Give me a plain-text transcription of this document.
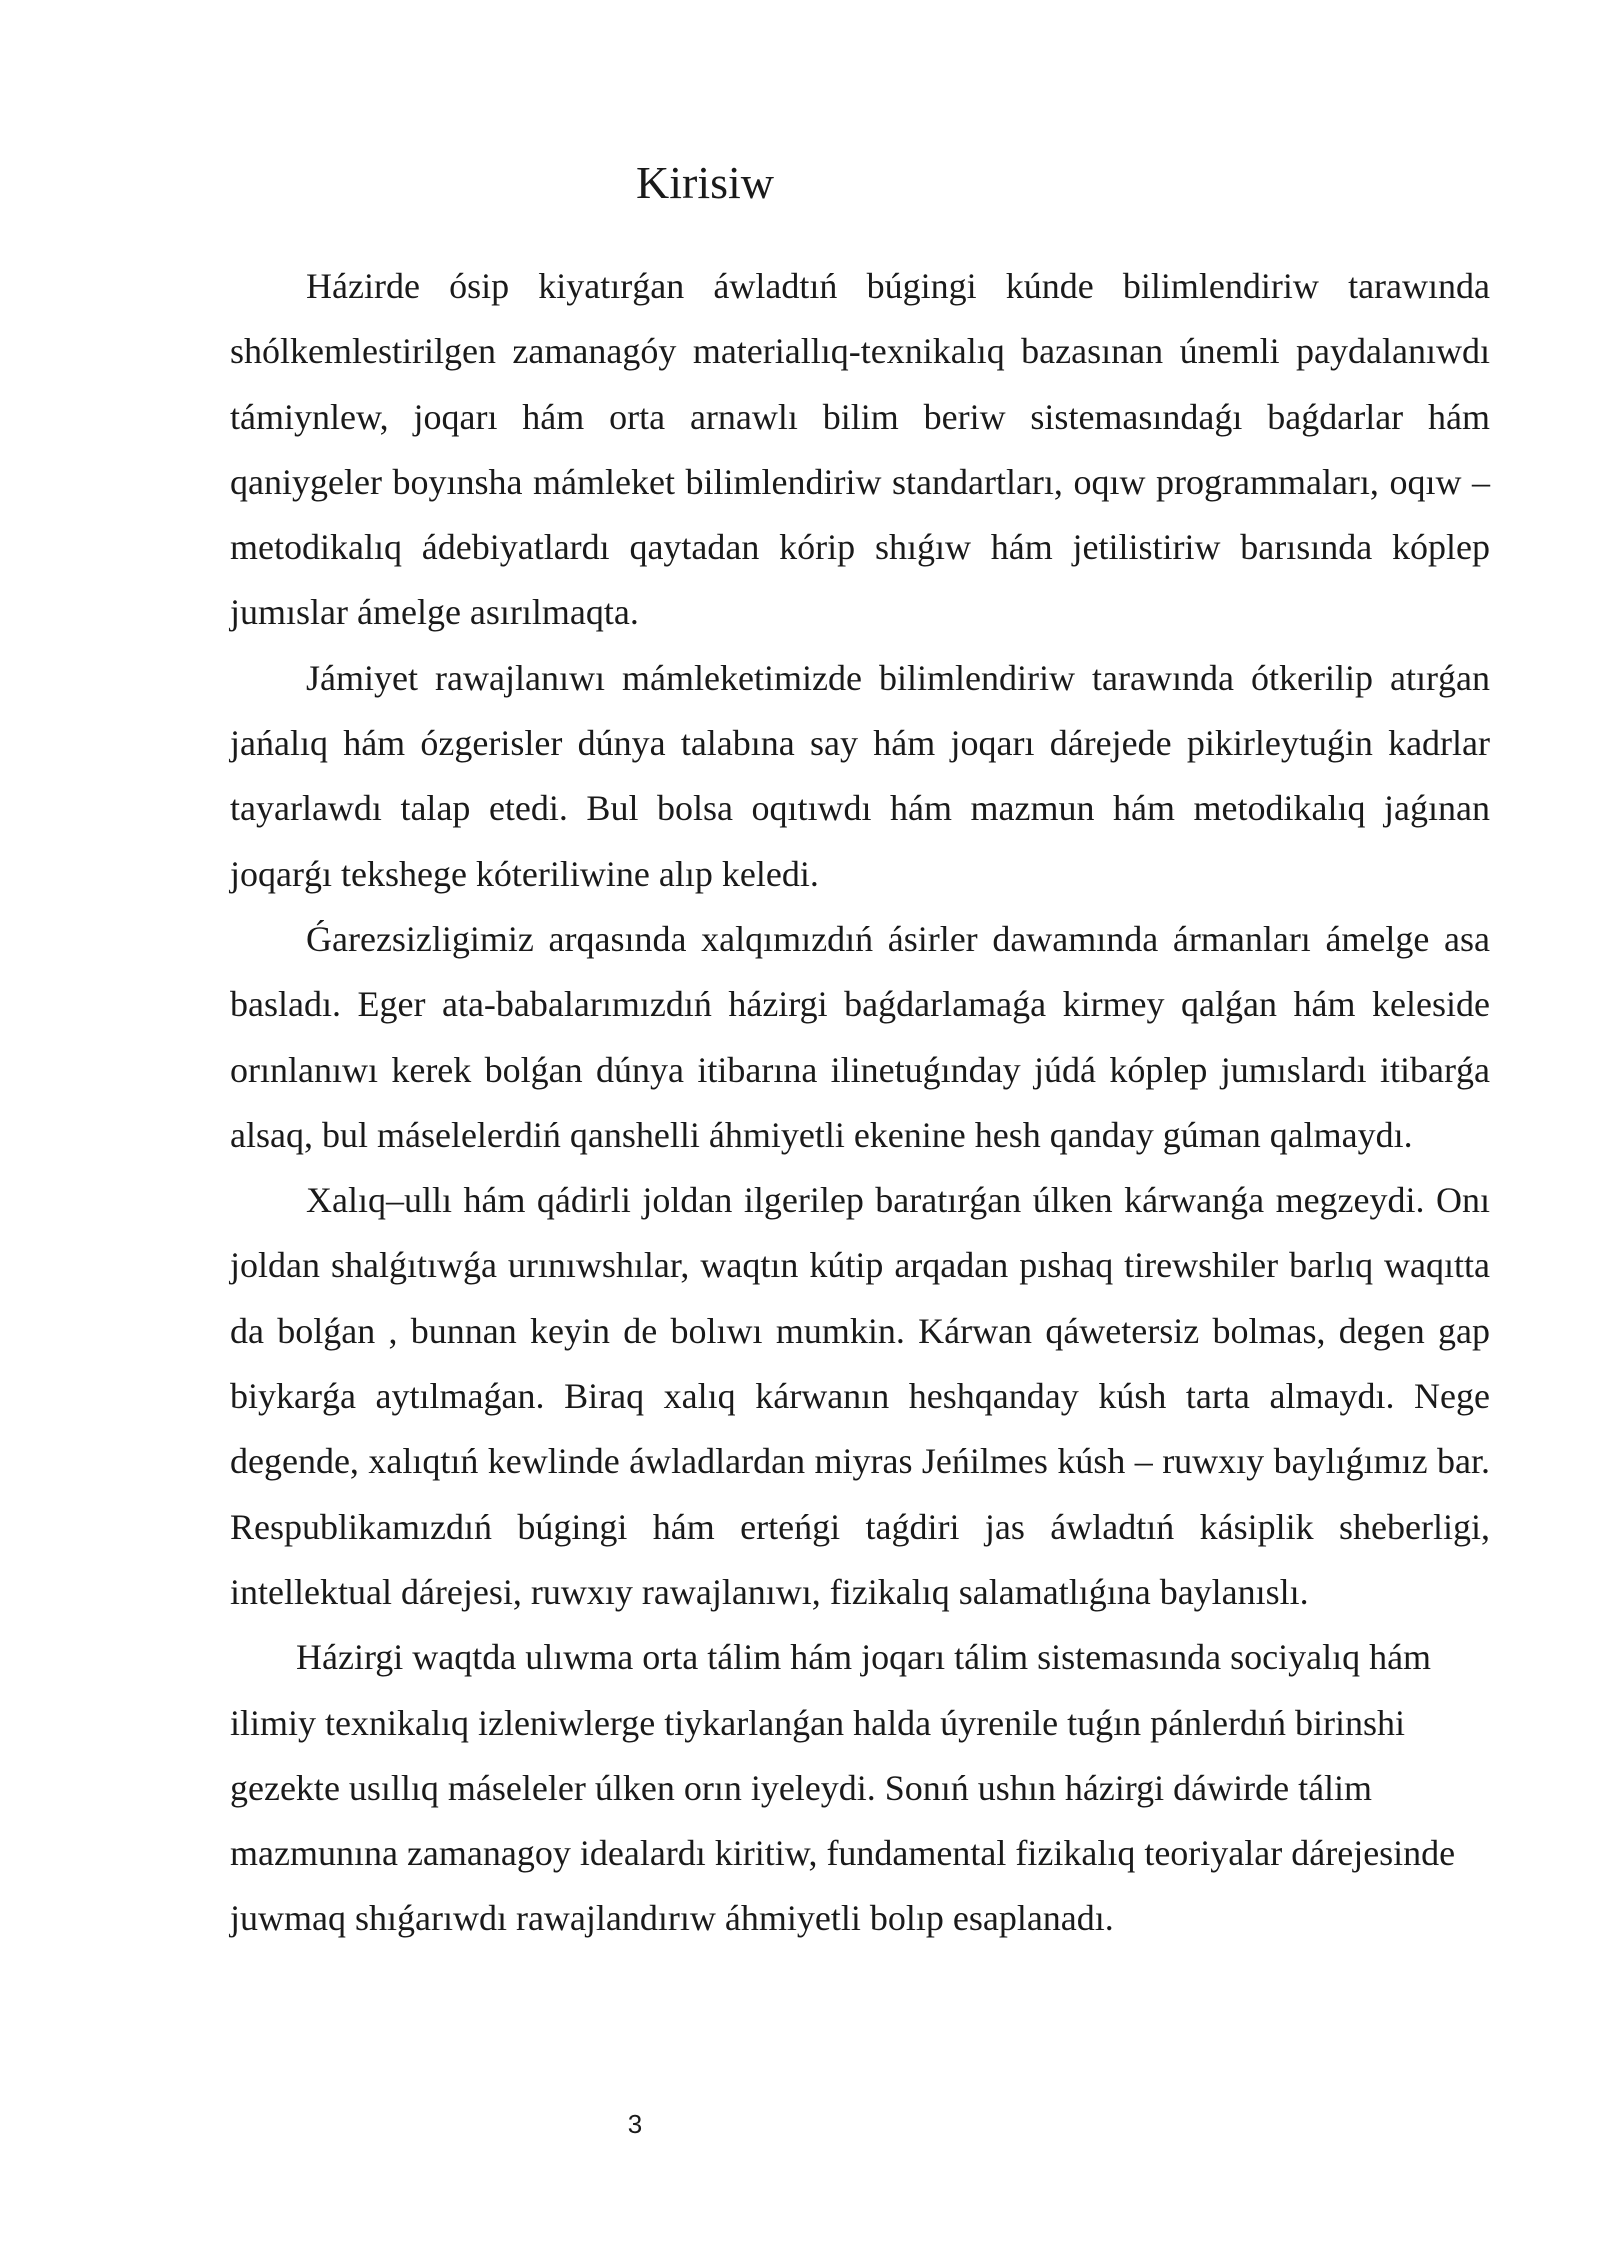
Kirisiw

Házirde ósip kiyatırǵan áwladtıń búgingi kúnde bilimlendiriw tarawında shólkemlestirilgen zamanagóy materiallıq-texnikalıq bazasınan únemli paydalanıwdı támiynlew, joqarı hám orta arnawlı bilim beriw sistemasındaǵı baǵdarlar hám qaniygeler boyınsha mámleket bilimlendiriw standartları, oqıw programmaları, oqıw –metodikalıq ádebiyatlardı qaytadan kórip shıǵıw hám jetilistiriw barısında kóplep jumıslar ámelge asırılmaqta.

Jámiyet rawajlanıwı mámleketimizde bilimlendiriw tarawında ótkerilip atırǵan jańalıq hám ózgerisler dúnya talabına say hám joqarı dárejede pikirleytuǵin kadrlar tayarlawdı talap etedi. Bul bolsa oqıtıwdı hám mazmun hám metodikalıq jaǵınan joqarǵı tekshege kóteriliwine alıp keledi.

Ǵarezsizligimiz arqasında xalqımızdıń ásirler dawamında ármanları ámelge asa basladı. Eger ata-babalarımızdıń házirgi baǵdarlamaǵa kirmey qalǵan hám keleside orınlanıwı kerek bolǵan dúnya itibarına ilinetuǵınday júdá kóplep jumıslardı itibarǵa alsaq, bul máselelerdiń qanshelli áhmiyetli ekenine hesh qanday gúman qalmaydı.

Xalıq–ullı hám qádirli joldan ilgerilep baratırǵan úlken kárwanǵa megzeydi. Onı joldan shalǵıtıwǵa urınıwshılar, waqtın kútip arqadan pıshaq tirewshiler barlıq waqıtta da bolǵan , bunnan keyin de bolıwı mumkin. Kárwan qáwetersiz bolmas, degen gap biykarǵa aytılmaǵan. Biraq xalıq kárwanın heshqanday kúsh tarta almaydı. Nege degende, xalıqtıń kewlinde áwladlardan miyras Jeńilmes kúsh – ruwxıy baylıǵımız bar. Respublikamızdıń búgingi hám erteńgi taǵdiri jas áwladtıń kásiplik sheberligi, intellektual dárejesi, ruwxıy rawajlanıwı, fizikalıq salamatlıǵına baylanıslı.

Házirgi waqtda ulıwma orta tálim hám joqarı tálim sistemasında sociyalıq hám ilimiy texnikalıq izleniwlerge tiykarlanǵan halda úyrenile tuǵın pánlerdıń birinshi gezekte usıllıq máseleler úlken orın iyeleydi. Sonıń ushın házirgi dáwirde tálim mazmunına zamanagoy idealardı kiritiw, fundamental fizikalıq teoriyalar dárejesinde juwmaq shıǵarıwdı rawajlandırıw áhmiyetli bolıp esaplanadı.

3
